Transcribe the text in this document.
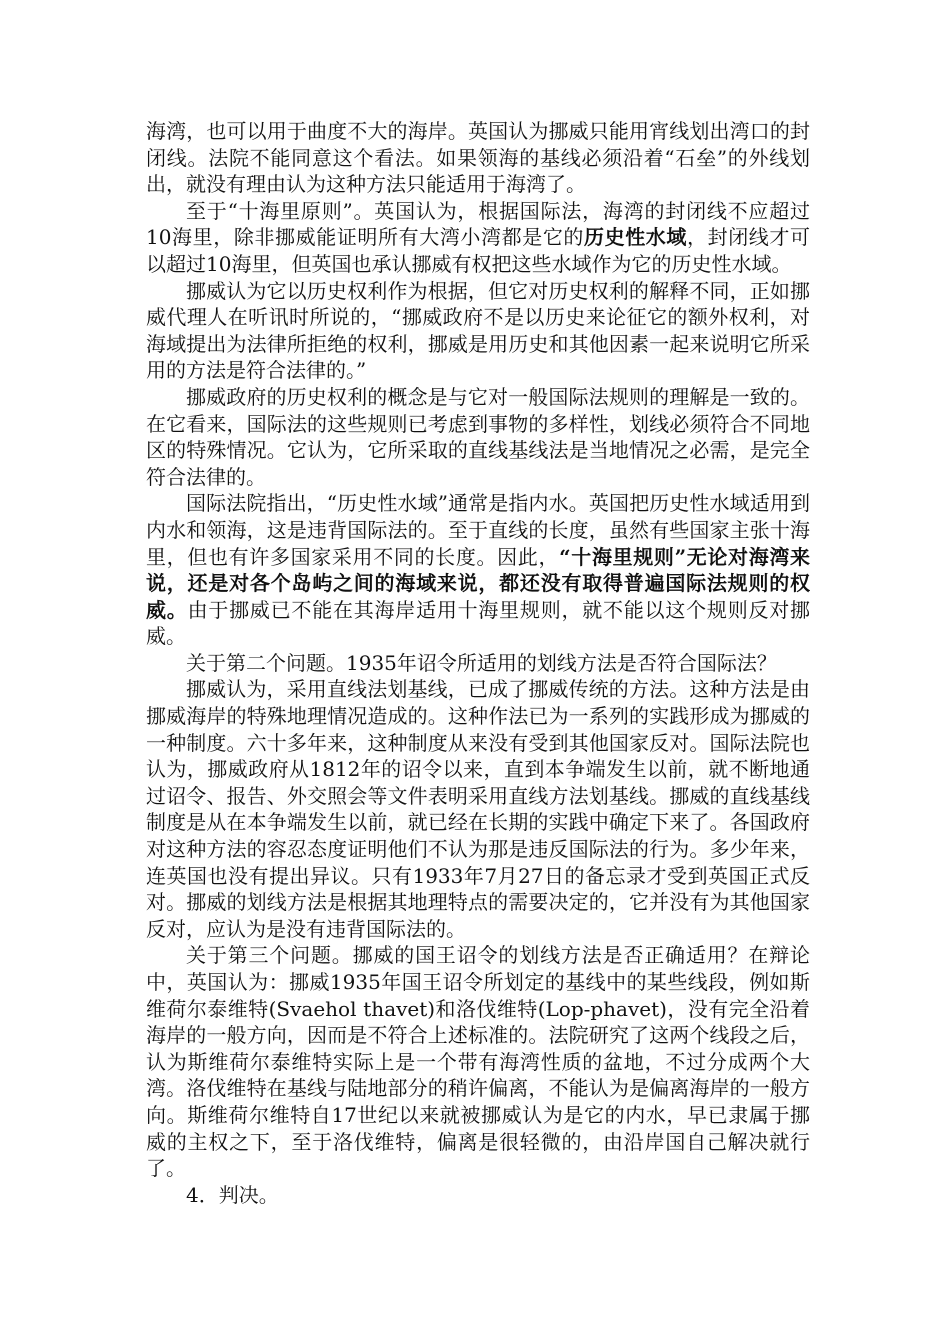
海湾，也可以用于曲度不大的海岸。英国认为挪威只能用宵线划出湾口的封闭线。法院不能同意这个看法。如果领海的基线必须沿着“石垒”的外线划出，就没有理由认为这种方法只能适用于海湾了。

至于“十海里原则”。英国认为，根据国际法，海湾的封闭线不应超过10海里，除非挪威能证明所有大湾小湾都是它的历史性水域，封闭线才可以超过10海里，但英国也承认挪威有权把这些水域作为它的历史性水域。

挪威认为它以历史权利作为根据，但它对历史权利的解释不同，正如挪威代理人在听讯时所说的，“挪威政府不是以历史来论征它的额外权利，对海域提出为法律所拒绝的权利，挪威是用历史和其他因素一起来说明它所采用的方法是符合法律的。”

挪威政府的历史权利的概念是与它对一般国际法规则的理解是一致的。在它看来，国际法的这些规则已考虑到事物的多样性，划线必须符合不同地区的特殊情况。它认为，它所采取的直线基线法是当地情况之必需，是完全符合法律的。

国际法院指出，“历史性水域”通常是指内水。英国把历史性水域适用到内水和领海，这是违背国际法的。至于直线的长度，虽然有些国家主张十海里，但也有许多国家采用不同的长度。因此，“十海里规则”无论对海湾来说，还是对各个岛屿之间的海域来说，都还没有取得普遍国际法规则的权威。由于挪威已不能在其海岸适用十海里规则，就不能以这个规则反对挪威。

关于第二个问题。1935年诏令所适用的划线方法是否符合国际法？

挪威认为，采用直线法划基线，已成了挪威传统的方法。这种方法是由挪威海岸的特殊地理情况造成的。这种作法已为一系列的实践形成为挪威的一种制度。六十多年来，这种制度从来没有受到其他国家反对。国际法院也认为，挪威政府从1812年的诏令以来，直到本争端发生以前，就不断地通过诏令、报告、外交照会等文件表明采用直线方法划基线。挪威的直线基线制度是从在本争端发生以前，就已经在长期的实践中确定下来了。各国政府对这种方法的容忍态度证明他们不认为那是违反国际法的行为。多少年来，连英国也没有提出异议。只有1933年7月27日的备忘录才受到英国正式反对。挪威的划线方法是根据其地理特点的需要决定的，它并没有为其他国家反对，应认为是没有违背国际法的。

关于第三个问题。挪威的国王诏令的划线方法是否正确适用？在辩论中，英国认为：挪威1935年国王诏令所划定的基线中的某些线段，例如斯维荷尔泰维特(Svaehol thavet)和洛伐维特(Lop-phavet)，没有完全沿着海岸的一般方向，因而是不符合上述标准的。法院研究了这两个线段之后，认为斯维荷尔泰维特实际上是一个带有海湾性质的盆地，不过分成两个大湾。洛伐维特在基线与陆地部分的稍许偏离，不能认为是偏离海岸的一般方向。斯维荷尔维特自17世纪以来就被挪威认为是它的内水，早已隶属于挪威的主权之下，至于洛伐维特，偏离是很轻微的，由沿岸国自己解决就行了。

4．判决。
